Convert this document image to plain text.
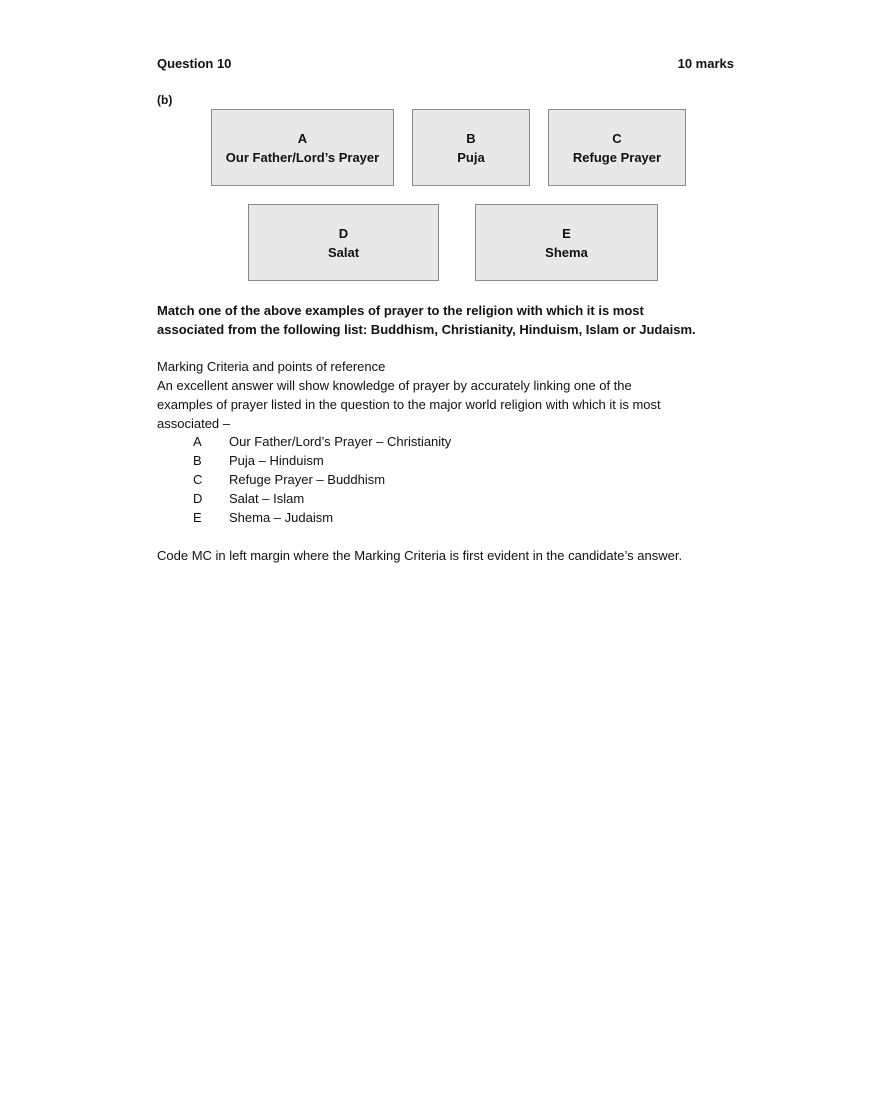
Question 10	10 marks
(b)
A
Our Father/Lord’s Prayer
B
Puja
C
Refuge Prayer
D
Salat
E
Shema
Match one of the above examples of prayer to the religion with which it is most
associated from the following list: Buddhism, Christianity, Hinduism, Islam or Judaism.
Marking Criteria and points of reference
An excellent answer will show knowledge of prayer by accurately linking one of the
examples of prayer listed in the question to the major world religion with which it is most
associated –
A	Our Father/Lord’s Prayer – Christianity
B	Puja – Hinduism
C	Refuge Prayer – Buddhism
D	Salat – Islam
E	Shema – Judaism
Code MC in left margin where the Marking Criteria is first evident in the candidate’s answer.
